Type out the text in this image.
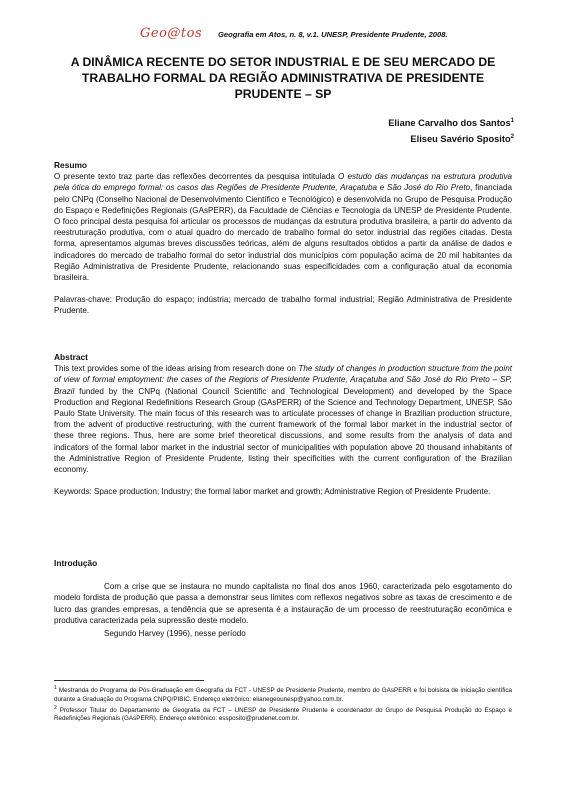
Geo@tos Geografia em Atos, n. 8, v.1. UNESP, Presidente Prudente, 2008.
A DINÂMICA RECENTE DO SETOR INDUSTRIAL E DE SEU MERCADO DE TRABALHO FORMAL DA REGIÃO ADMINISTRATIVA DE PRESIDENTE PRUDENTE – SP
Eliane Carvalho dos Santos$^1$
Eliseu Savério Sposito$^2$
Resumo
O presente texto traz parte das reflexões decorrentes da pesquisa intitulada O estudo das mudanças na estrutura produtiva pela ótica do emprego formal: os casos das Regiões de Presidente Prudente, Araçatuba e São José do Rio Preto, financiada pelo CNPq (Conselho Nacional de Desenvolvimento Científico e Tecnológico) e desenvolvida no Grupo de Pesquisa Produção do Espaço e Redefinições Regionais (GAsPERR), da Faculdade de Ciências e Tecnologia da UNESP de Presidente Prudente. O foco principal desta pesquisa foi articular os processos de mudanças da estrutura produtiva brasileira, a partir do advento da reestruturação produtiva, com o atual quadro do mercado de trabalho formal do setor industrial das regiões citadas. Desta forma, apresentamos algumas breves discussões teóricas, além de alguns resultados obtidos a partir da análise de dados e indicadores do mercado de trabalho formal do setor industrial dos municípios com população acima de 20 mil habitantes da Região Administrativa de Presidente Prudente, relacionando suas especificidades com a configuração atual da economia brasileira.
Palavras-chave: Produção do espaço; indústria; mercado de trabalho formal industrial; Região Administrativa de Presidente Prudente.
Abstract
This text provides some of the ideas arising from research done on The study of changes in production structure from the point of view of formal employment: the cases of the Regions of Presidente Prudente, Araçatuba and São José do Rio Preto – SP, Brazil funded by the CNPq (National Council Scientific and Technological Development) and developed by the Space Production and Regional Redefinitions Research Group (GAsPERR) of the Science and Technology Department, UNESP, São Paulo State University. The main focus of this research was to articulate processes of change in Brazilian production structure, from the advent of productive restructuring, with the current framework of the formal labor market in the industrial sector of these three regions. Thus, here are some brief theoretical discussions, and some results from the analysis of data and indicators of the formal labor market in the industrial sector of municipalities with population above 20 thousand inhabitants of the Administrative Region of Presidente Prudente, listing their specificities with the current configuration of the Brazilian economy.
Keywords: Space production; Industry; the formal labor market and growth; Administrative Region of Presidente Prudente.
Introdução
Com a crise que se instaura no mundo capitalista no final dos anos 1960, caracterizada pelo esgotamento do modelo fordista de produção que passa a demonstrar seus limites com reflexos negativos sobre as taxas de crescimento e de lucro das grandes empresas, a tendência que se apresenta é a instauração de um processo de reestruturação econômica e produtiva caracterizada pela supressão deste modelo.
Segundo Harvey (1996), nesse período
$^1$ Mestranda do Programa de Pós-Graduação em Geografia da FCT - UNESP de Presidente Prudente, membro do GAsPERR e foi bolsista de iniciação científica durante a Graduação do Programa CNPQ/PIBIC. Endereço eletrônico: elianegeounesp@yahoo.com.br.
$^2$ Professor Titular do Departamento de Geografia da FCT – UNESP de Presidente Prudente e coordenador do Grupo de Pesquisa Produção do Espaço e Redefinições Regionais (GAsPERR). Endereço eletrônico: essposito@prudenet.com.br.
